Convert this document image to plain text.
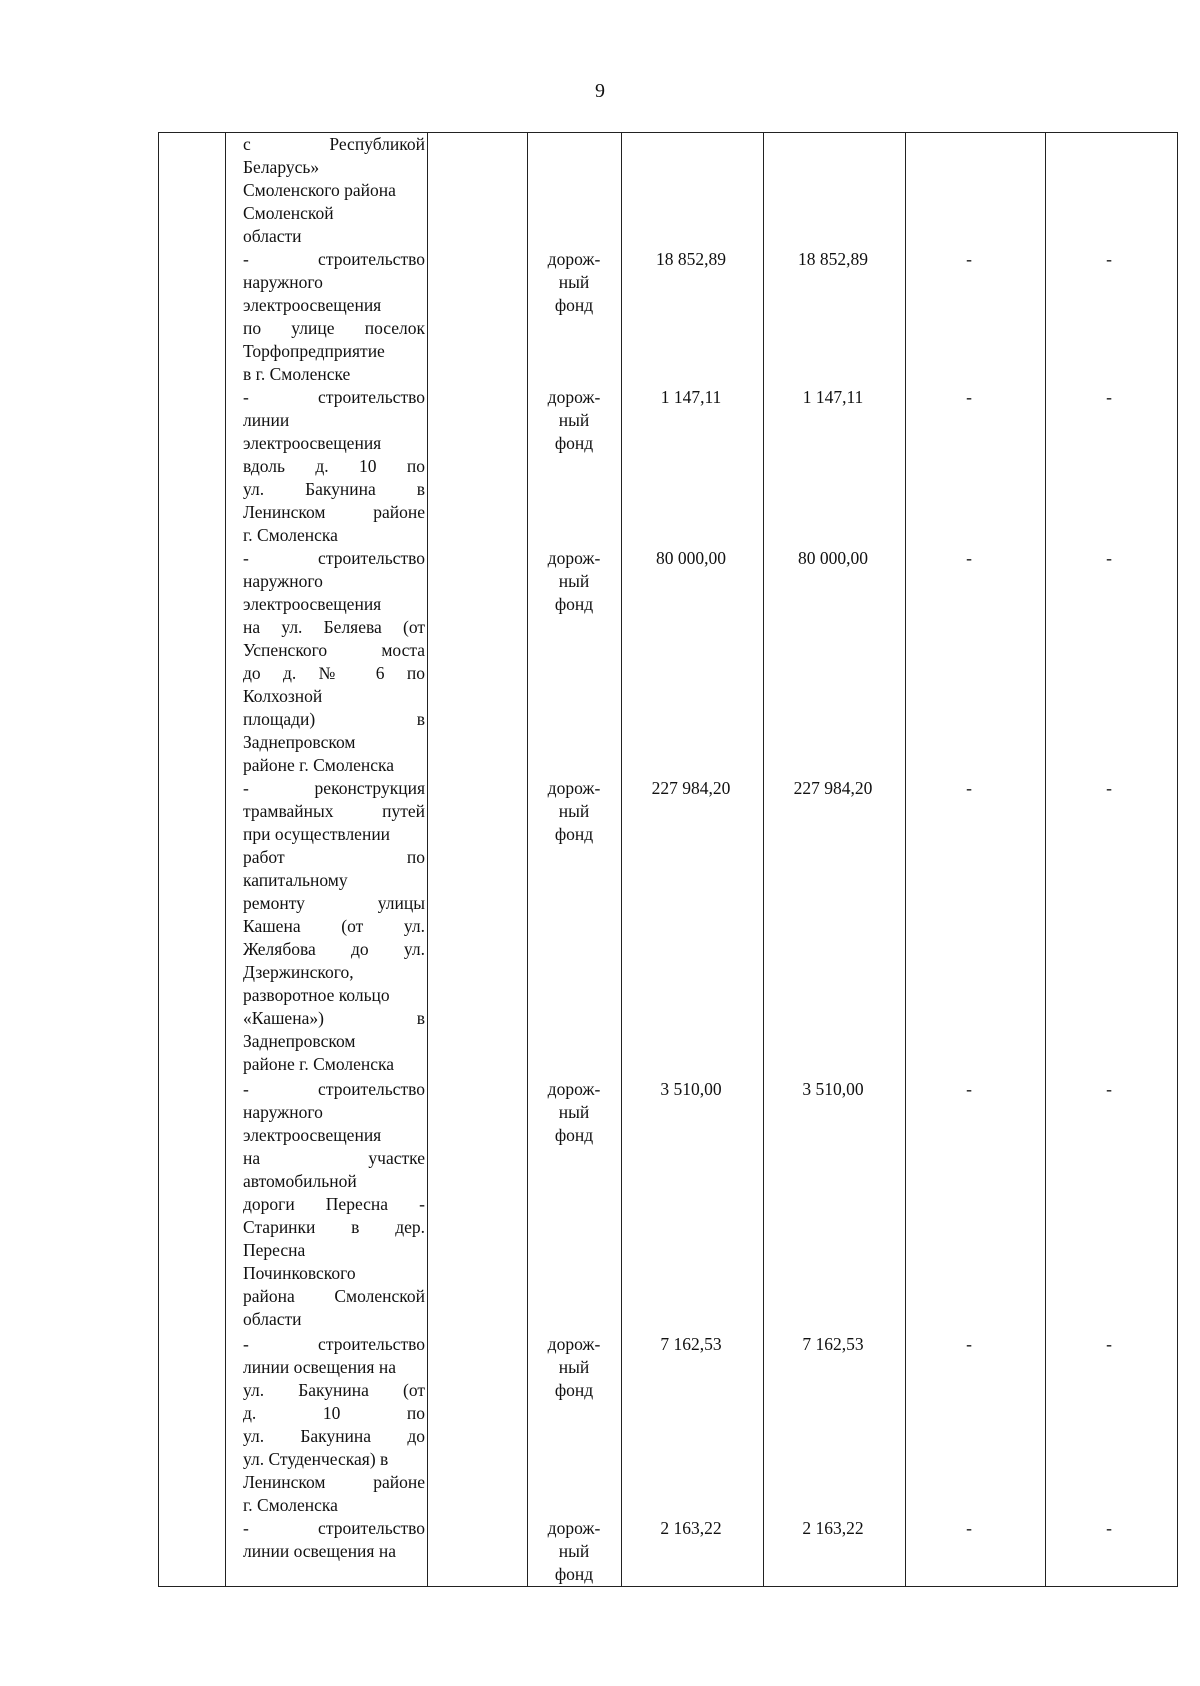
9
с Республикой
Беларусь»
Смоленского района
Смоленской
области
- строительство
наружного
электроосвещения
по улице поселок
Торфопредприятие
в г. Смоленске
дорож-
ный
фонд
18 852,89	18 852,89	-	-
- строительство
линии
электроосвещения
вдоль д. 10 по
ул. Бакунина в
Ленинском районе
г. Смоленска
дорож-
ный
фонд
1 147,11	1 147,11	-	-
- строительство
наружного
электроосвещения
на ул. Беляева (от
Успенского моста
до д. № 6 по
Колхозной
площади) в
Заднепровском
районе г. Смоленска
дорож-
ный
фонд
80 000,00	80 000,00	-	-
- реконструкция
трамвайных путей
при осуществлении
работ по
капитальному
ремонту улицы
Кашена (от ул.
Желябова до ул.
Дзержинского,
разворотное кольцо
«Кашена») в
Заднепровском
районе г. Смоленска
дорож-
ный
фонд
227 984,20	227 984,20	-	-
- строительство
наружного
электроосвещения
на участке
автомобильной
дороги Пересна -
Старинки в дер.
Пересна
Починковского
района Смоленской
области
дорож-
ный
фонд
3 510,00	3 510,00	-	-
- строительство
линии освещения на
ул. Бакунина (от
д. 10 по
ул. Бакунина до
ул. Студенческая) в
Ленинском районе
г. Смоленска
дорож-
ный
фонд
7 162,53	7 162,53	-	-
- строительство
линии освещения на
дорож-
ный
фонд
2 163,22	2 163,22	-	-
